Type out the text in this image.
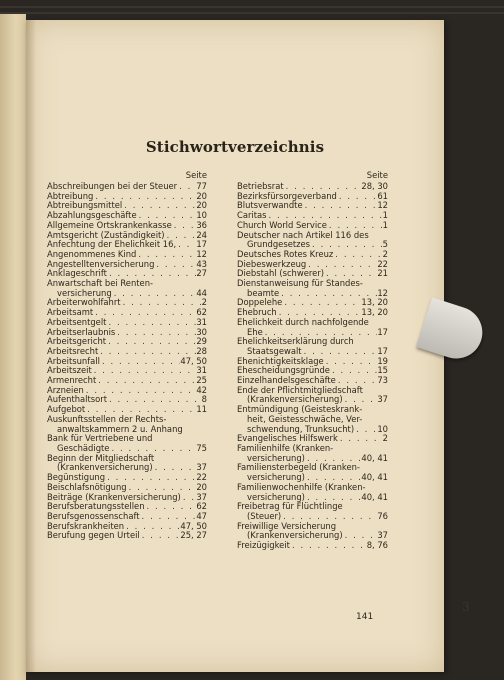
3
Stichwortverzeichnis
Seite
Abschreibungen bei der Steuer . . . 77
Abtreibung . . .	20
Abtreibungsmittel . . .	20
Abzahlungsgeschäfte . . .	10
Allgemeine Ortskrankenkasse . . .	36
Amtsgericht (Zuständigkeit) . . .	24
Anfechtung der Ehelichkeit 16, . . . 17
Angenommenes Kind . . .	12
Angestelltenversicherung . . .	43
Anklageschrift . . .	27
Anwartschaft bei Renten-
versicherung . . .	44
Arbeiterwohlfahrt . . .	2
Arbeitsamt . . .	62
Arbeitsentgelt . . .	31
Arbeitserlaubnis . . .	30
Arbeitsgericht . . .	29
Arbeitsrecht . . .	28
Arbeitsunfall . . .	47, 50
Arbeitszeit . . .	31
Armenrecht . . .	25
Arzneien . . .	42
Aufenthaltsort . . .	8
Aufgebot . . .	11
Auskunftsstellen der Rechts-
anwaltskammern 2 u. Anhang
Bank für Vertriebene und
Geschädigte . . .	75
Beginn der Mitgliedschaft
(Krankenversicherung) . . .	37
Begünstigung . . .	22
Beischlafsnötigung . . .	20
Beiträge (Krankenversicherung) . . . 37
Berufsberatungsstellen . . .	62
Berufsgenossenschaft . . .	47
Berufskrankheiten . . .	47, 50
Berufung gegen Urteil . . .	25, 27
Seite
Betriebsrat . . .	28, 30
Bezirksfürsorgeverband . . .	61
Blutsverwandte . . .	12
Caritas . . .	1
Church World Service . . .	1
Deutscher nach Artikel 116 des
Grundgesetzes . . .	5
Deutsches Rotes Kreuz . . .	2
Diebeswerkzeug . . .	22
Diebstahl (schwerer) . . .	21
Dienstanweisung für Standes-
beamte . . .	12
Doppelehe . . .	13, 20
Ehebruch . . .	13, 20
Ehelichkeit durch nachfolgende
Ehe . . .	17
Ehelichkeitserklärung durch
Staatsgewalt . . .	17
Ehenichtigkeitsklage . . .	19
Ehescheidungsgründe . . .	15
Einzelhandelsgeschäfte . . .	73
Ende der Pflichtmitgliedschaft
(Krankenversicherung) . . .	37
Entmündigung (Geisteskrank-
heit, Geistesschwäche, Ver-
schwendung, Trunksucht) . . .	10
Evangelisches Hilfswerk . . .	2
Familienhilfe (Kranken-
versicherung) . . .	40, 41
Familiensterbegeld (Kranken-
versicherung) . . .	40, 41
Familienwochenhilfe (Kranken-
versicherung) . . .	40, 41
Freibetrag für Flüchtlinge
(Steuer) . . .	76
Freiwillige Versicherung
(Krankenversicherung) . . .	37
Freizügigkeit . . .	8, 76
141
